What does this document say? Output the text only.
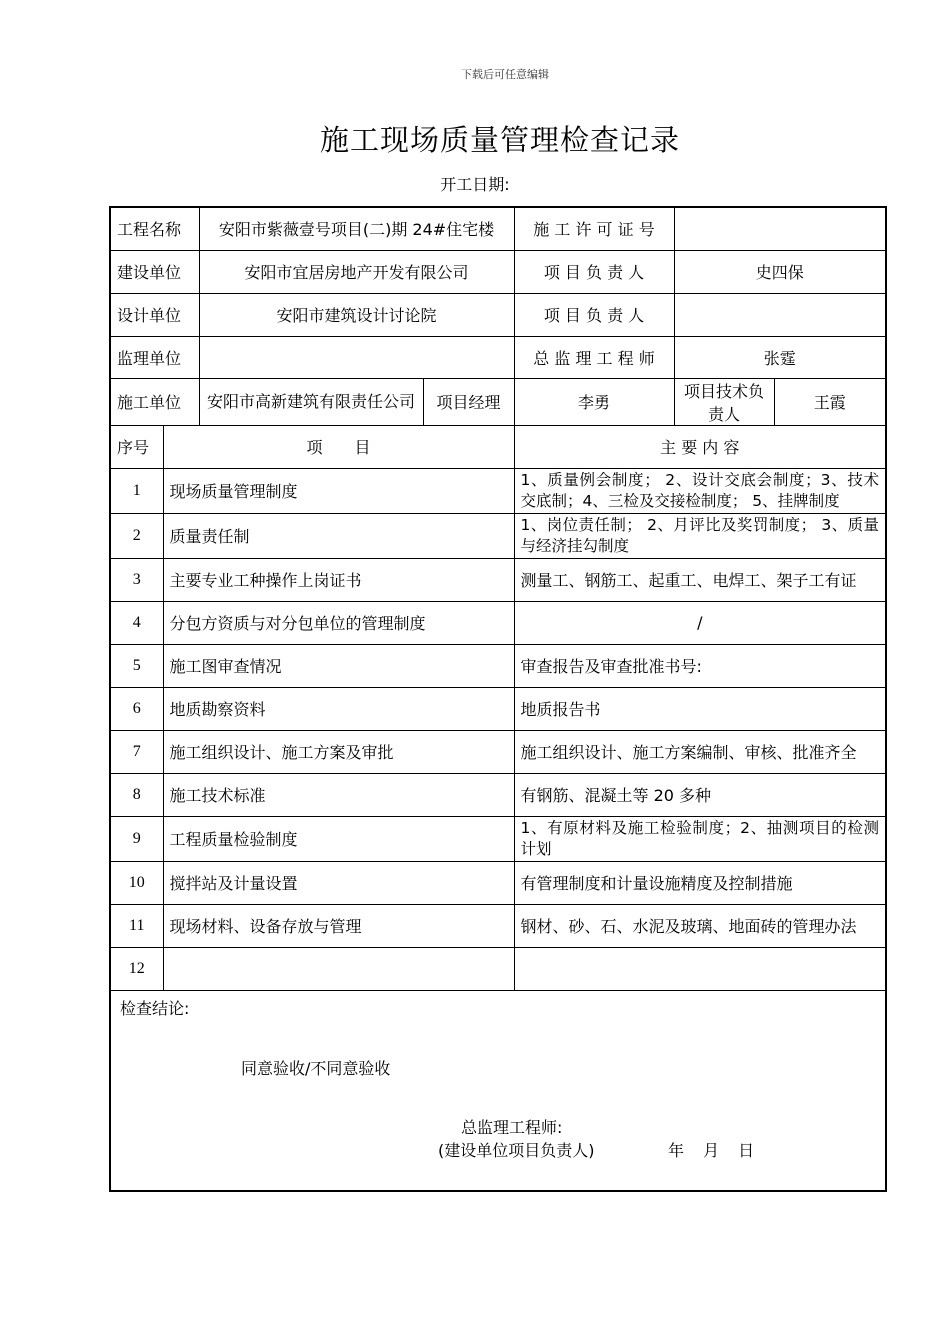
下载后可任意编辑
施工现场质量管理检查记录
开工日期:
工程名称		安阳市紫薇壹号项目(二)期 24#住宅楼		施 工 许 可 证 号		
建设单位		安阳市宜居房地产开发有限公司		项 目 负 责 人	史四保	
设计单位		安阳市建筑设计讨论院		项 目 负 责 人		
监理单位				总 监 理 工 程 师	张霆	
施工单位		安阳市高新建筑有限责任公司	项目经理	李勇	项目技术负责人	王霞
序号	项　　目			主 要 内 容		
1	现场质量管理制度			1、质量例会制度； 2、设计交底会制度；3、技术交底制；4、三检及交接检制度； 5、挂牌制度		
2	质量责任制			1、岗位责任制； 2、月评比及奖罚制度； 3、质量与经济挂勾制度		
3	主要专业工种操作上岗证书			测量工、钢筋工、起重工、电焊工、架子工有证		
4	分包方资质与对分包单位的管理制度			/		
5	施工图审查情况			审查报告及审查批准书号:		
6	地质勘察资料			地质报告书		
7	施工组织设计、施工方案及审批			施工组织设计、施工方案编制、审核、批准齐全		
8	施工技术标准			有钢筋、混凝土等 20 多种		
9	工程质量检验制度			1、有原材料及施工检验制度；2、抽测项目的检测计划		
10	搅拌站及计量设置			有管理制度和计量设施精度及控制措施		
11	现场材料、设备存放与管理			钢材、砂、石、水泥及玻璃、地面砖的管理办法		
12						
检查结论:
同意验收/不同意验收
总监理工程师:
(建设单位项目负责人)	年 月 日
